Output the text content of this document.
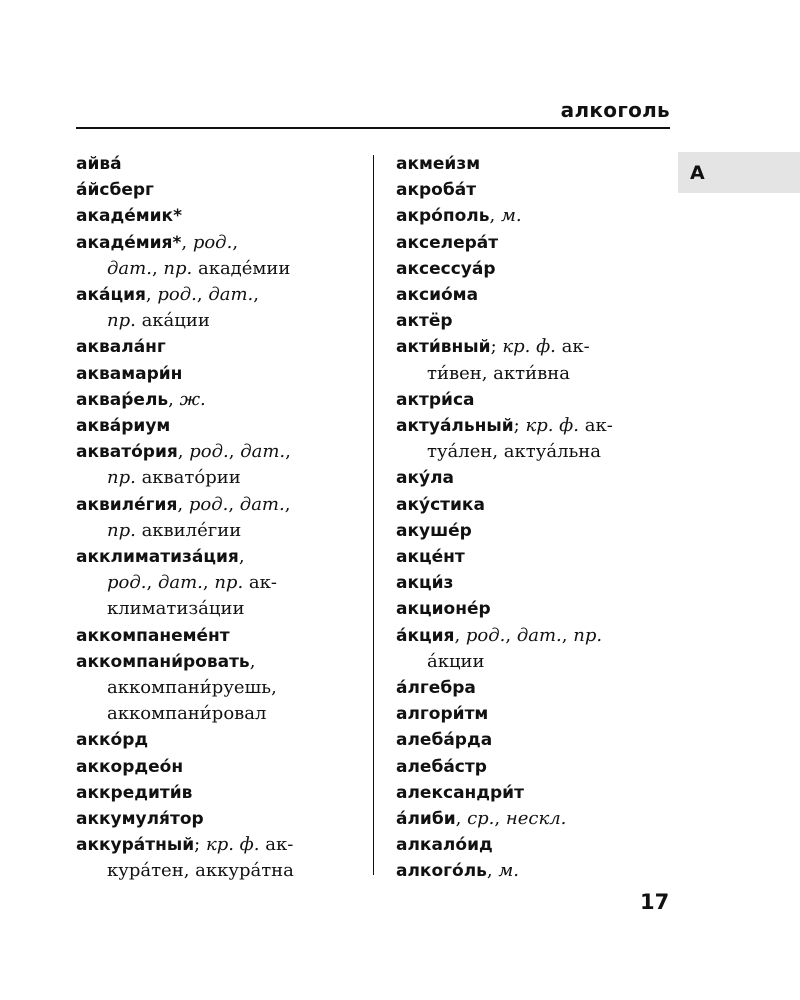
алкоголь
А
айва́
а́йсберг
акаде́мик*
акаде́мия*, род.,
дат., пр. акаде́мии
ака́ция, род., дат.,
пр. ака́ции
аквала́нг
аквамари́н
аквар́ель, ж.
аква́риум
аквато́рия, род., дат.,
пр. аквато́рии
аквиле́гия, род., дат.,
пр. аквиле́гии
акклиматиза́ция,
род., дат., пр. ак-
климатиза́ции
аккомпанеме́нт
аккомпани́ровать,
аккомпани́руешь,
аккомпани́ровал
акко́рд
аккордео́н
аккредити́в
аккумуля́тор
аккура́тный; кр. ф. ак-
кура́тен, аккура́тна
акмеи́зм
акроба́т
акро́поль, м.
акселера́т
аксессуа́р
аксио́ма
актёр
акти́вный; кр. ф. ак-
ти́вен, акти́вна
актри́са
актуа́льный; кр. ф. ак-
туа́лен, актуа́льна
аку́ла
аку́стика
акуше́р
акце́нт
акци́з
акционе́р
а́кция, род., дат., пр.
а́кции
а́лгебра
алгори́тм
алеба́рда
алеба́стр
александри́т
а́либи, ср., нескл.
алкало́ид
алкого́ль, м.
17
